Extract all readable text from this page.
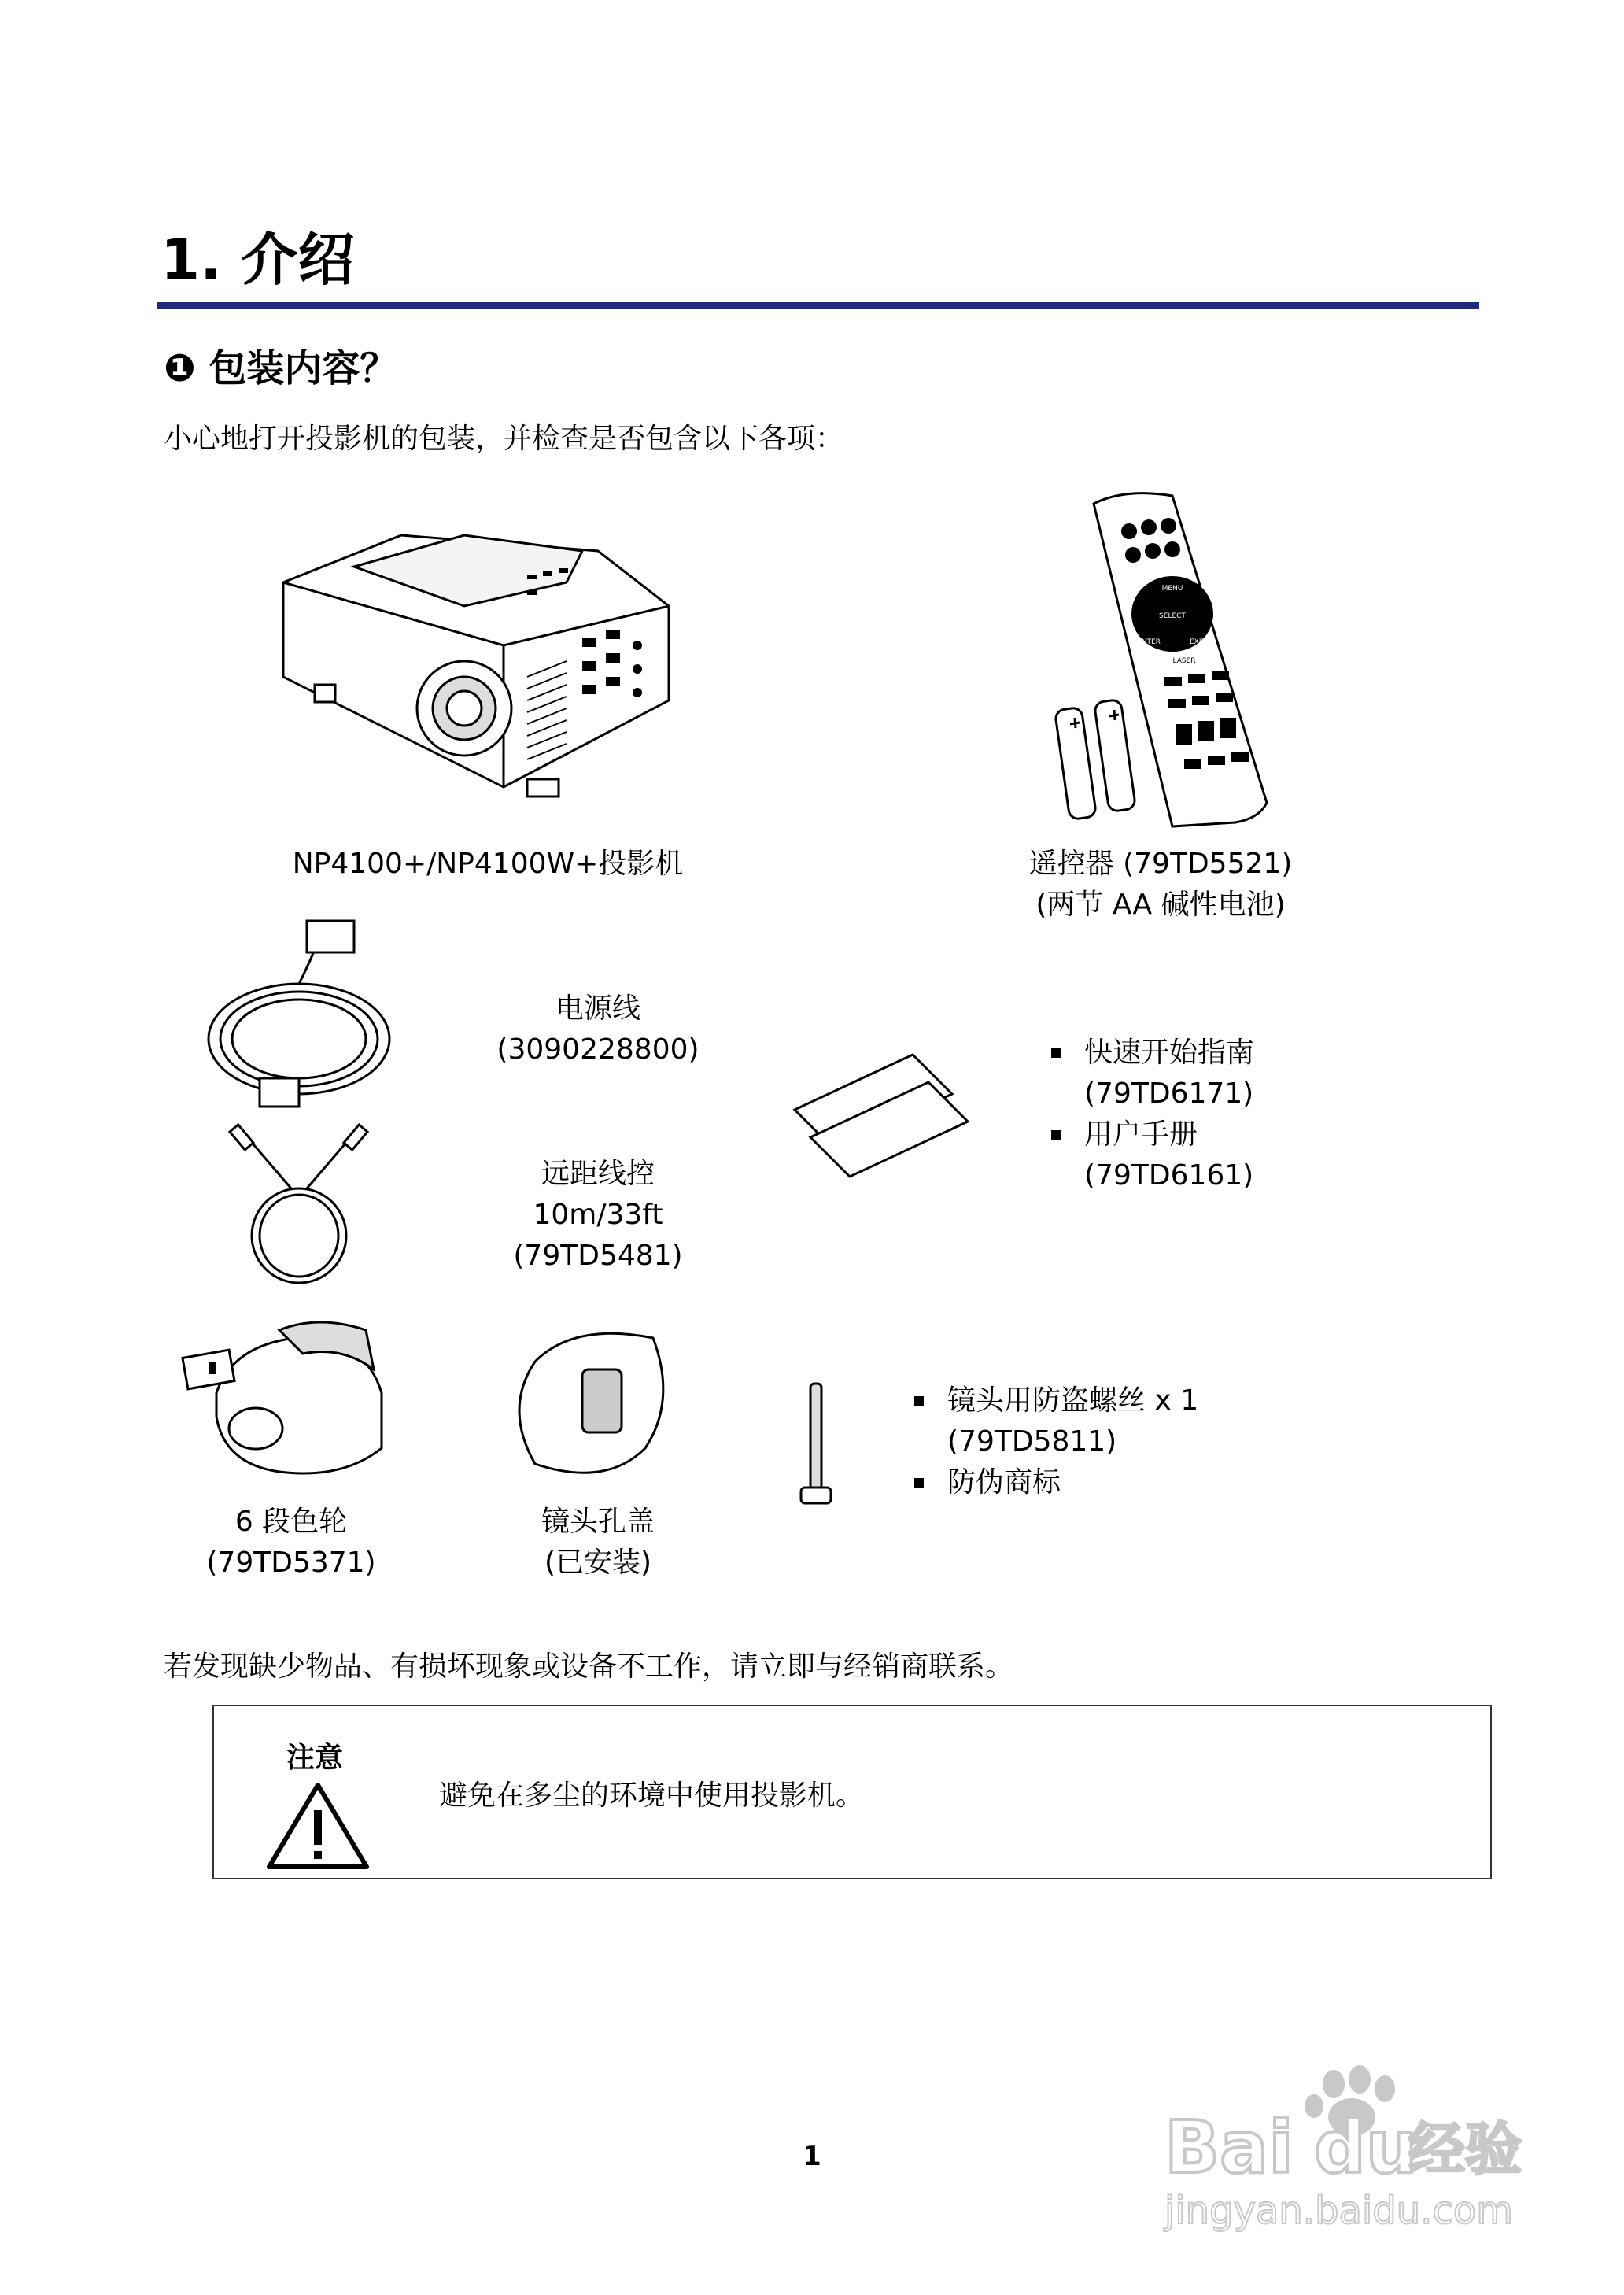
1. 介绍
❶ 包装内容？
小心地打开投影机的包装，并检查是否包含以下各项：
NP4100+/NP4100W+投影机
MENU
SELECT
ENTER	EXIT
LASER
遥控器 (79TD5521)
(两节 AA 碱性电池)
电源线
(3090228800)	快速开始指南
(79TD6171)
用户手册
(79TD6161)
远距线控
10m/33ft
(79TD5481)
6 段色轮
(79TD5371)
镜头孔盖
(已安装)
镜头用防盗螺丝 x 1
(79TD5811)
防伪商标
若发现缺少物品、有损坏现象或设备不工作，请立即与经销商联系。
注意
避免在多尘的环境中使用投影机。
1	Bai du
经验
jingyan.baidu.com
